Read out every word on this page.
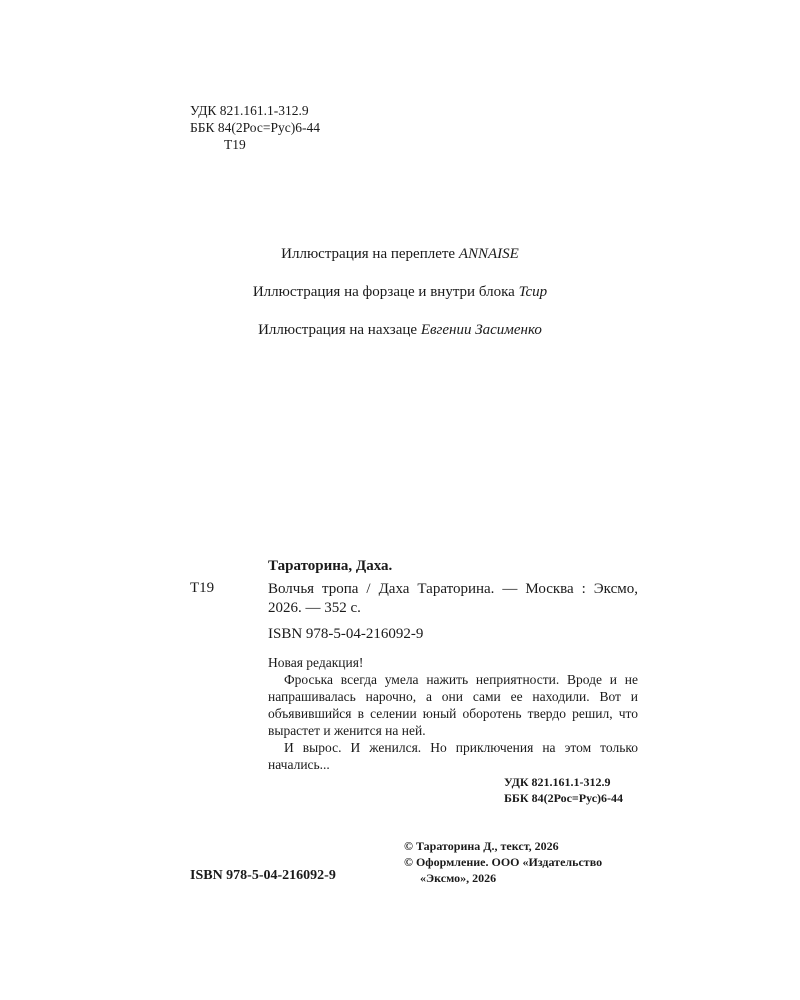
УДК 821.161.1-312.9
ББК 84(2Рос=Рус)6-44
Т19
Иллюстрация на переплете ANNAISE
Иллюстрация на форзаце и внутри блока Tcup
Иллюстрация на нахзаце Евгении Засименко
Тараторина, Даха.
Т19	Волчья тропа / Даха Тараторина. — Москва : Эксмо, 2026. — 352 с.
ISBN 978-5-04-216092-9

Новая редакция!

Фроська всегда умела нажить неприятности. Вроде и не напрашивалась нарочно, а они сами ее находили. Вот и объявившийся в селении юный оборотень твердо решил, что вырастет и женится на ней.

И вырос. И женился. Но приключения на этом только начались...

УДК 821.161.1-312.9
ББК 84(2Рос=Рус)6-44
© Тараторина Д., текст, 2026
© Оформление. ООО «Издательство
«Эксмо», 2026
ISBN 978-5-04-216092-9
